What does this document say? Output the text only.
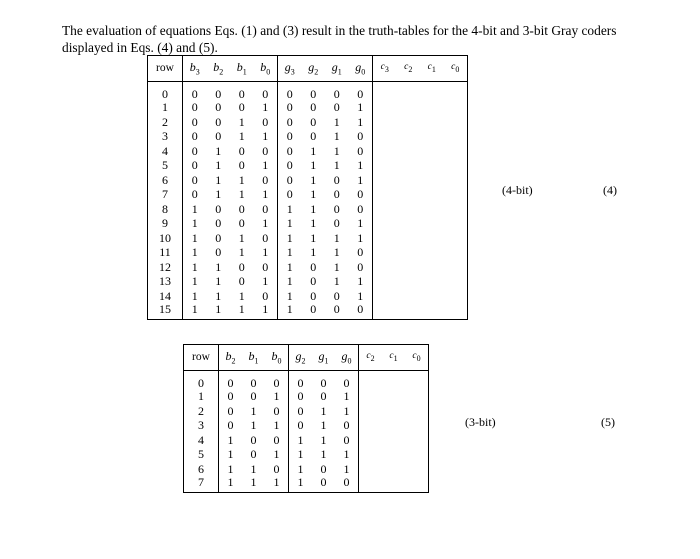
The evaluation of equations Eqs. (1) and (3) result in the truth-tables for the 4-bit and 3-bit Gray coders displayed in Eqs. (4) and (5).

row	$b_3$	$b_2$	$b_1$	$b_0$	$g_3$	$g_2$	$g_1$	$g_0$	$c_3$	$c_2$	$c_1$	$c_0$
0	0	0	0	0	0	0	0	0				
1	0	0	0	1	0	0	0	1				
2	0	0	1	0	0	0	1	1				
3	0	0	1	1	0	0	1	0				
4	0	1	0	0	0	1	1	0				
5	0	1	0	1	0	1	1	1				
6	0	1	1	0	0	1	0	1				
7	0	1	1	1	0	1	0	0				
8	1	0	0	0	1	1	0	0				
9	1	0	0	1	1	1	0	1				
10	1	0	1	0	1	1	1	1				
11	1	0	1	1	1	1	1	0				
12	1	1	0	0	1	0	1	0				
13	1	1	0	1	1	0	1	1				
14	1	1	1	0	1	0	0	1				
15	1	1	1	1	1	0	0	0				
(4-bit)	(4)
row	$b_2$	$b_1$	$b_0$	$g_2$	$g_1$	$g_0$	$c_2$	$c_1$	$c_0$
0	0	0	0	0	0	0			
1	0	0	1	0	0	1			
2	0	1	0	0	1	1			
3	0	1	1	0	1	0			
4	1	0	0	1	1	0			
5	1	0	1	1	1	1			
6	1	1	0	1	0	1			
7	1	1	1	1	0	0			
(3-bit)	(5)
